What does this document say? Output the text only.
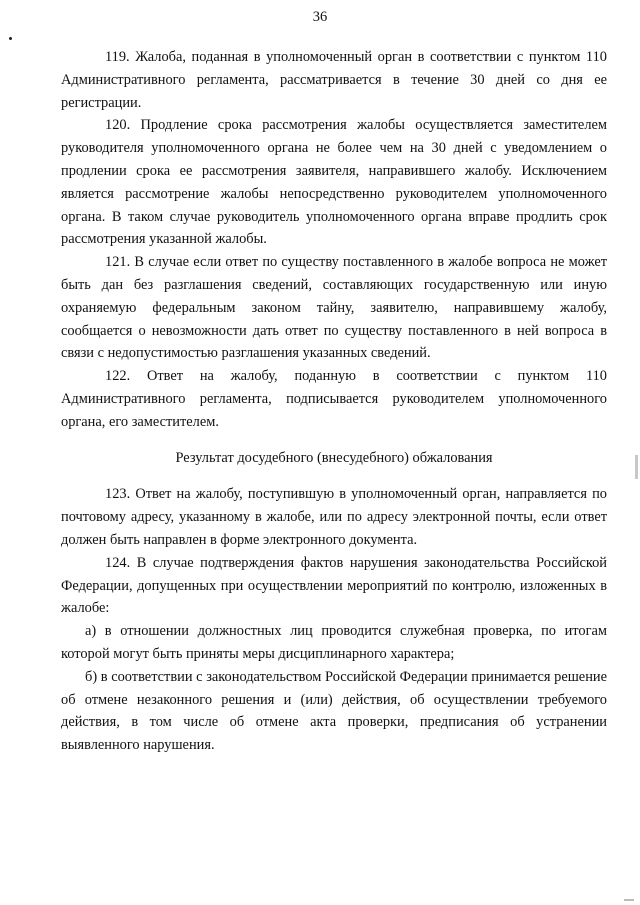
36

119. Жалоба, поданная в уполномоченный орган в соответствии с пунктом 110 Административного регламента, рассматривается в течение 30 дней со дня ее регистрации.

120. Продление срока рассмотрения жалобы осуществляется заместителем руководителя уполномоченного органа не более чем на 30 дней с уведомлением о продлении срока ее рассмотрения заявителя, направившего жалобу. Исключением является рассмотрение жалобы непосредственно руководителем уполномоченного органа. В таком случае руководитель уполномоченного органа вправе продлить срок рассмотрения указанной жалобы.

121. В случае если ответ по существу поставленного в жалобе вопроса не может быть дан без разглашения сведений, составляющих государственную или иную охраняемую федеральным законом тайну, заявителю, направившему жалобу, сообщается о невозможности дать ответ по существу поставленного в ней вопроса в связи с недопустимостью разглашения указанных сведений.

122. Ответ на жалобу, поданную в соответствии с пунктом 110 Административного регламента, подписывается руководителем уполномоченного органа, его заместителем.

Результат досудебного (внесудебного) обжалования

123. Ответ на жалобу, поступившую в уполномоченный орган, направляется по почтовому адресу, указанному в жалобе, или по адресу электронной почты, если ответ должен быть направлен в форме электронного документа.

124. В случае подтверждения фактов нарушения законодательства Российской Федерации, допущенных при осуществлении мероприятий по контролю, изложенных в жалобе:

а) в отношении должностных лиц проводится служебная проверка, по итогам которой могут быть приняты меры дисциплинарного характера;

б) в соответствии с законодательством Российской Федерации принимается решение об отмене незаконного решения и (или) действия, об осуществлении требуемого действия, в том числе об отмене акта проверки, предписания об устранении выявленного нарушения.
